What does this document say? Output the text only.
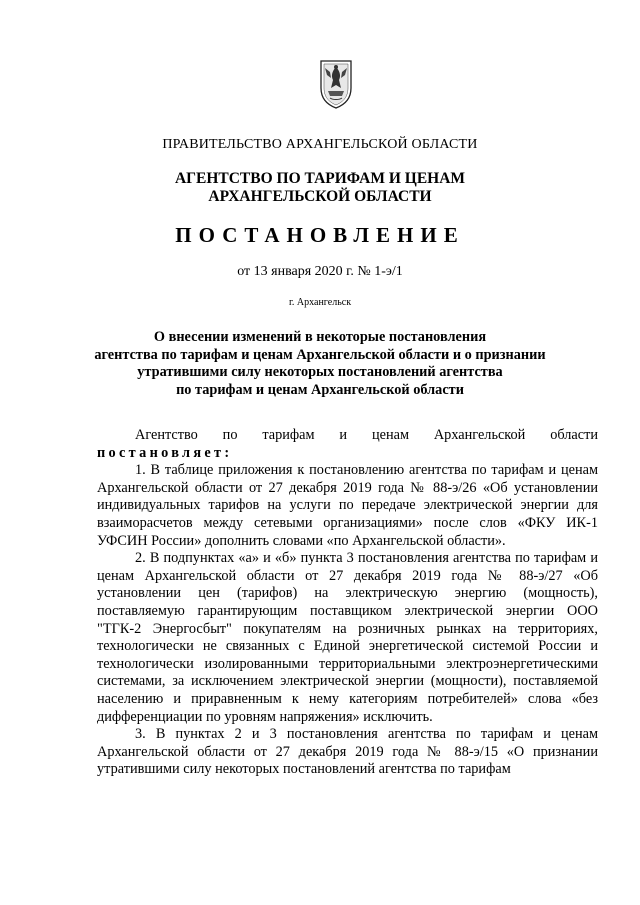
ПРАВИТЕЛЬСТВО АРХАНГЕЛЬСКОЙ ОБЛАСТИ
АГЕНТСТВО ПО ТАРИФАМ И ЦЕНАМ
АРХАНГЕЛЬСКОЙ ОБЛАСТИ
ПОСТАНОВЛЕНИЕ
от 13 января 2020 г. № 1-э/1
г. Архангельск
О внесении изменений в некоторые постановления
агентства по тарифам и ценам Архангельской области и о признании
утратившими силу некоторых постановлений агентства
по тарифам и ценам Архангельской области

Агентство по тарифам и ценам Архангельской области постановляет:

1. В таблице приложения к постановлению агентства по тарифам и ценам Архангельской области от 27 декабря 2019 года № 88-э/26 «Об установлении индивидуальных тарифов на услуги по передаче электрической энергии для взаиморасчетов между сетевыми организациями» после слов «ФКУ ИК-1 УФСИН России» дополнить словами «по Архангельской области».

2. В подпунктах «а» и «б» пункта 3 постановления агентства по тарифам и ценам Архангельской области от 27 декабря 2019 года № 88-э/27 «Об установлении цен (тарифов) на электрическую энергию (мощность), поставляемую гарантирующим поставщиком электрической энергии ООО "ТГК-2 Энергосбыт" покупателям на розничных рынках на территориях, технологически не связанных с Единой энергетической системой России и технологически изолированными территориальными электроэнергетическими системами, за исключением электрической энергии (мощности), поставляемой населению и приравненным к нему категориям потребителей» слова «без дифференциации по уровням напряжения» исключить.

3. В пунктах 2 и 3 постановления агентства по тарифам и ценам Архангельской области от 27 декабря 2019 года № 88-э/15 «О признании утратившими силу некоторых постановлений агентства по тарифам
